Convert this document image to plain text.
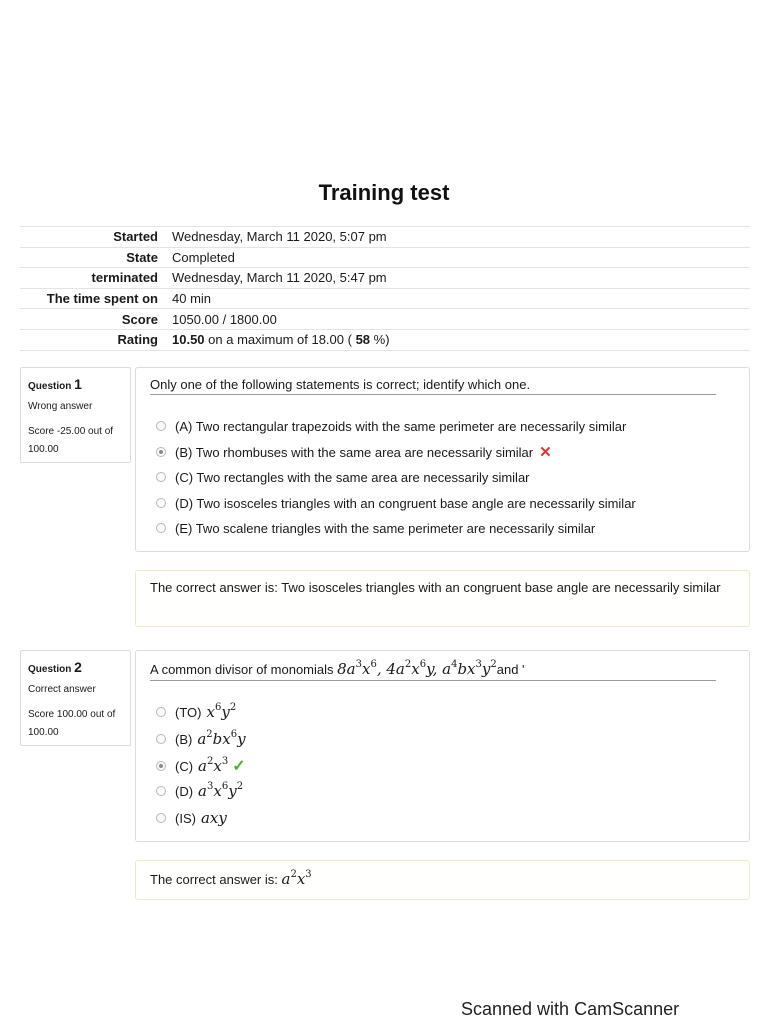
Training test
Started	Wednesday, March 11 2020, 5:07 pm
State	Completed
terminated	Wednesday, March 11 2020, 5:47 pm
The time spent on	40 min
Score	1050.00 / 1800.00
Rating	10.50 on a maximum of 18.00 ( 58 %)
Question 1
Wrong answer
Score -25.00 out of 100.00
Only one of the following statements is correct; identify which one.
(A) Two rectangular trapezoids with the same perimeter are necessarily similar
(B) Two rhombuses with the same area are necessarily similar ✕
(C) Two rectangles with the same area are necessarily similar
(D) Two isosceles triangles with an congruent base angle are necessarily similar
(E) Two scalene triangles with the same perimeter are necessarily similar
The correct answer is: Two isosceles triangles with an congruent base angle are necessarily similar
Question 2
Correct answer
Score 100.00 out of 100.00
A common divisor of monomials $8a^3x^6$, $4a^2x^6y$, $a^4bx^3y^2and$ '
(TO) $x^6y^2$
(B) $a^2bx^6y$
(C) $a^2x^3$ ✓
(D) $a^3x^6y^2$
(IS) axy
The correct answer is: $a^2x^3$
Scanned with CamScanner
